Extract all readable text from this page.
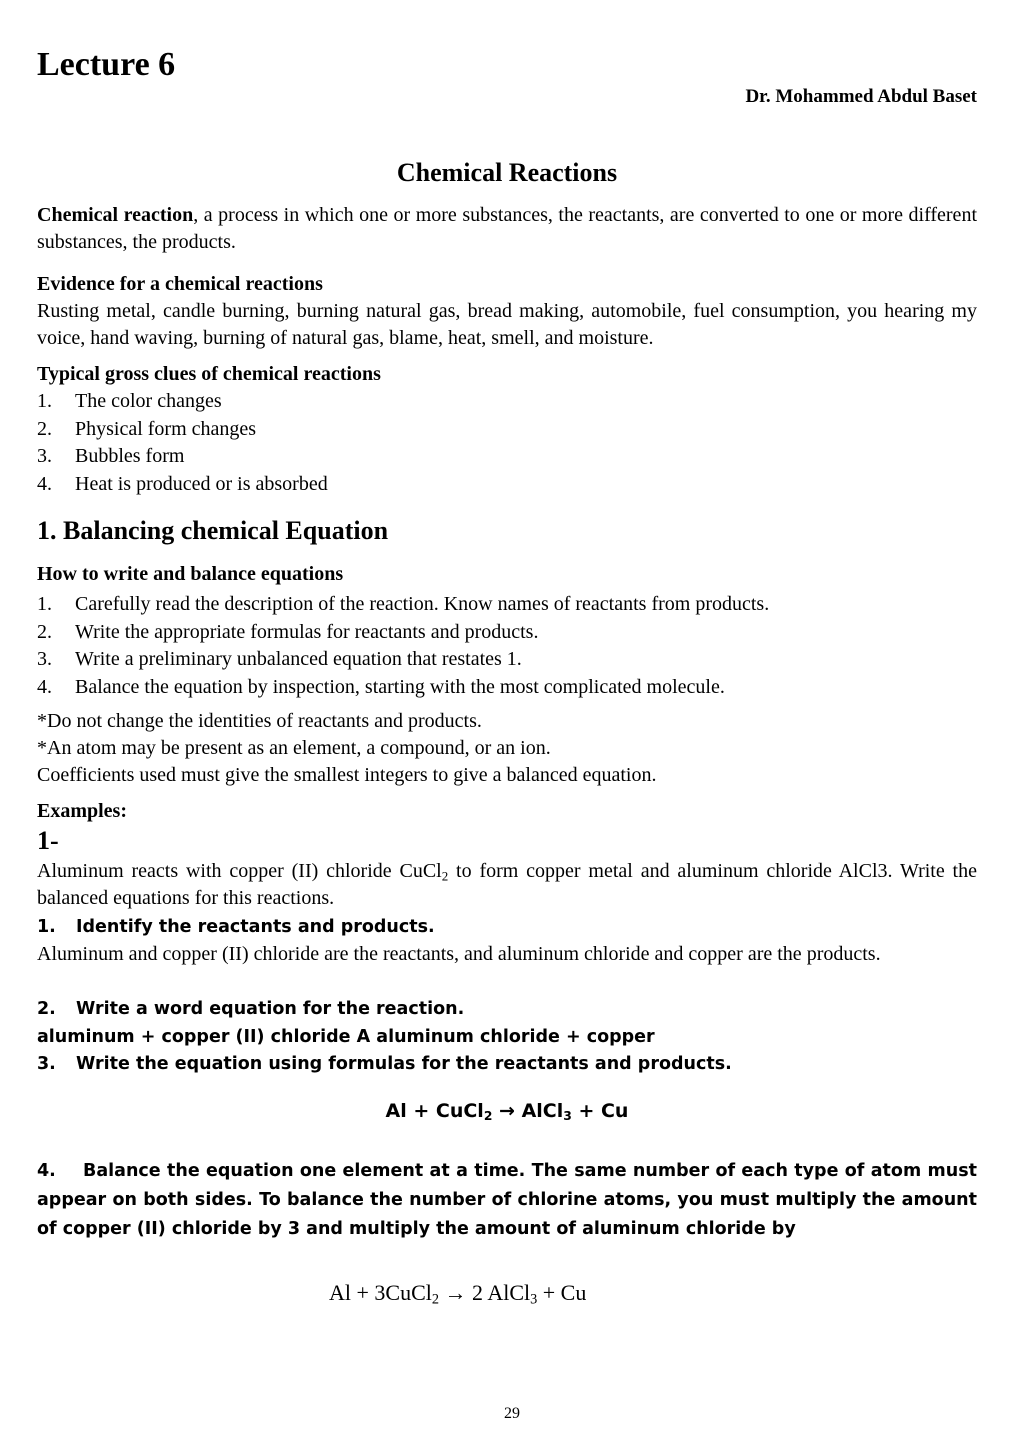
Lecture 6
Dr. Mohammed Abdul Baset
Chemical Reactions
Chemical reaction, a process in which one or more substances, the reactants, are converted to one or more different substances, the products.
Evidence for a chemical reactions
Rusting metal, candle burning, burning natural gas, bread making, automobile, fuel consumption, you hearing my voice, hand waving, burning of natural gas, blame, heat, smell, and moisture.
Typical gross clues of chemical reactions
1.	The color changes
2.	Physical form changes
3.	Bubbles form
4.	Heat is produced or is absorbed
1. Balancing chemical Equation
How to write and balance equations
1.	Carefully read the description of the reaction. Know names of reactants from products.
2.	Write the appropriate formulas for reactants and products.
3.	Write a preliminary unbalanced equation that restates 1.
4.	Balance the equation by inspection, starting with the most complicated molecule.
*Do not change the identities of reactants and products.
*An atom may be present as an element, a compound, or an ion.
Coefficients used must give the smallest integers to give a balanced equation.
Examples:
1-
Aluminum reacts with copper (II) chloride CuCl$_2$ to form copper metal and aluminum chloride AlCl3. Write the balanced equations for this reactions.
1. Identify the reactants and products.
Aluminum and copper (II) chloride are the reactants, and aluminum chloride and copper are the products.
2. Write a word equation for the reaction.
aluminum + copper (II) chloride A aluminum chloride + copper
3. Write the equation using formulas for the reactants and products.
Al + CuCl$_2$ → AlCl$_3$ + Cu
4. Balance the equation one element at a time. The same number of each type of atom must appear on both sides. To balance the number of chlorine atoms, you must multiply the amount of copper (II) chloride by 3 and multiply the amount of aluminum chloride by
Al + 3CuCl$_2$ → 2 AlCl$_3$ + Cu
29
